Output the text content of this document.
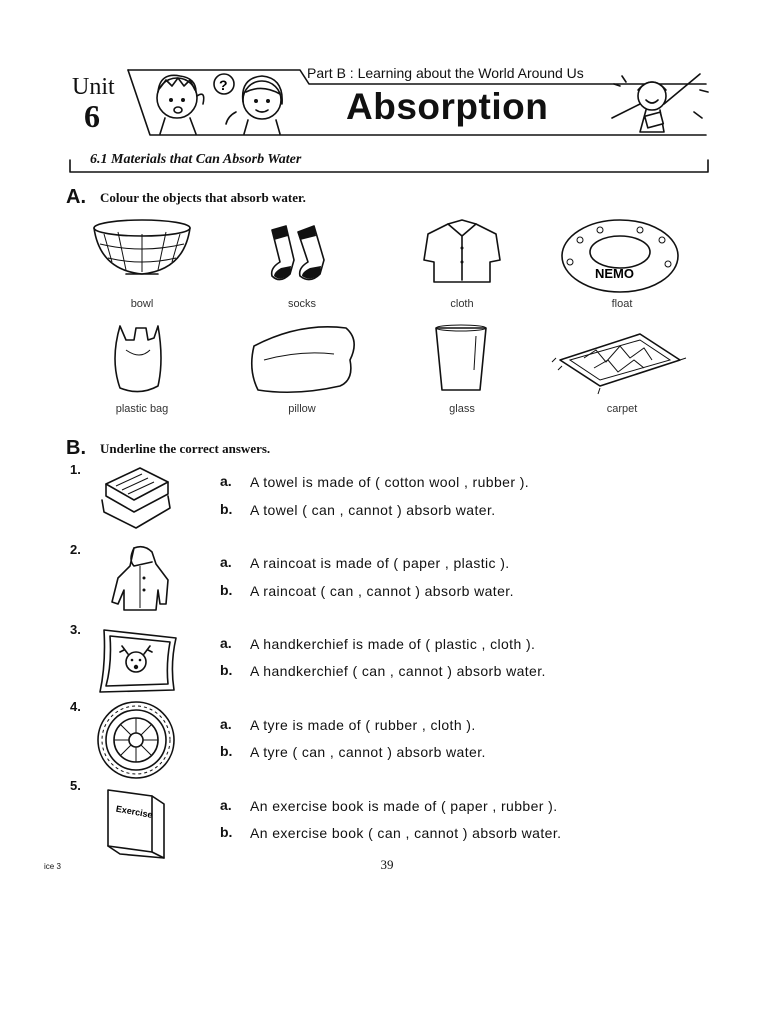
?
Unit
6
Part B : Learning about the World Around Us
Absorption
6.1 Materials that Can Absorb Water
A. Colour the objects that absorb water.
NEMO
bowl	socks	cloth	float
plastic bag	pillow	glass	carpet
B. Underline the correct answers.
Exercise
1.
2.
3.
4.
5.
a. A towel is made of ( cotton wool , rubber ).
b. A towel ( can , cannot ) absorb water.
a. A raincoat is made of ( paper , plastic ).
b. A raincoat ( can , cannot ) absorb water.
a. A handkerchief is made of ( plastic , cloth ).
b. A handkerchief ( can , cannot ) absorb water.
a. A tyre is made of ( rubber , cloth ).
b. A tyre ( can , cannot ) absorb water.
a. An exercise book is made of ( paper , rubber ).
b. An exercise book ( can , cannot ) absorb water.
39
ice 3
